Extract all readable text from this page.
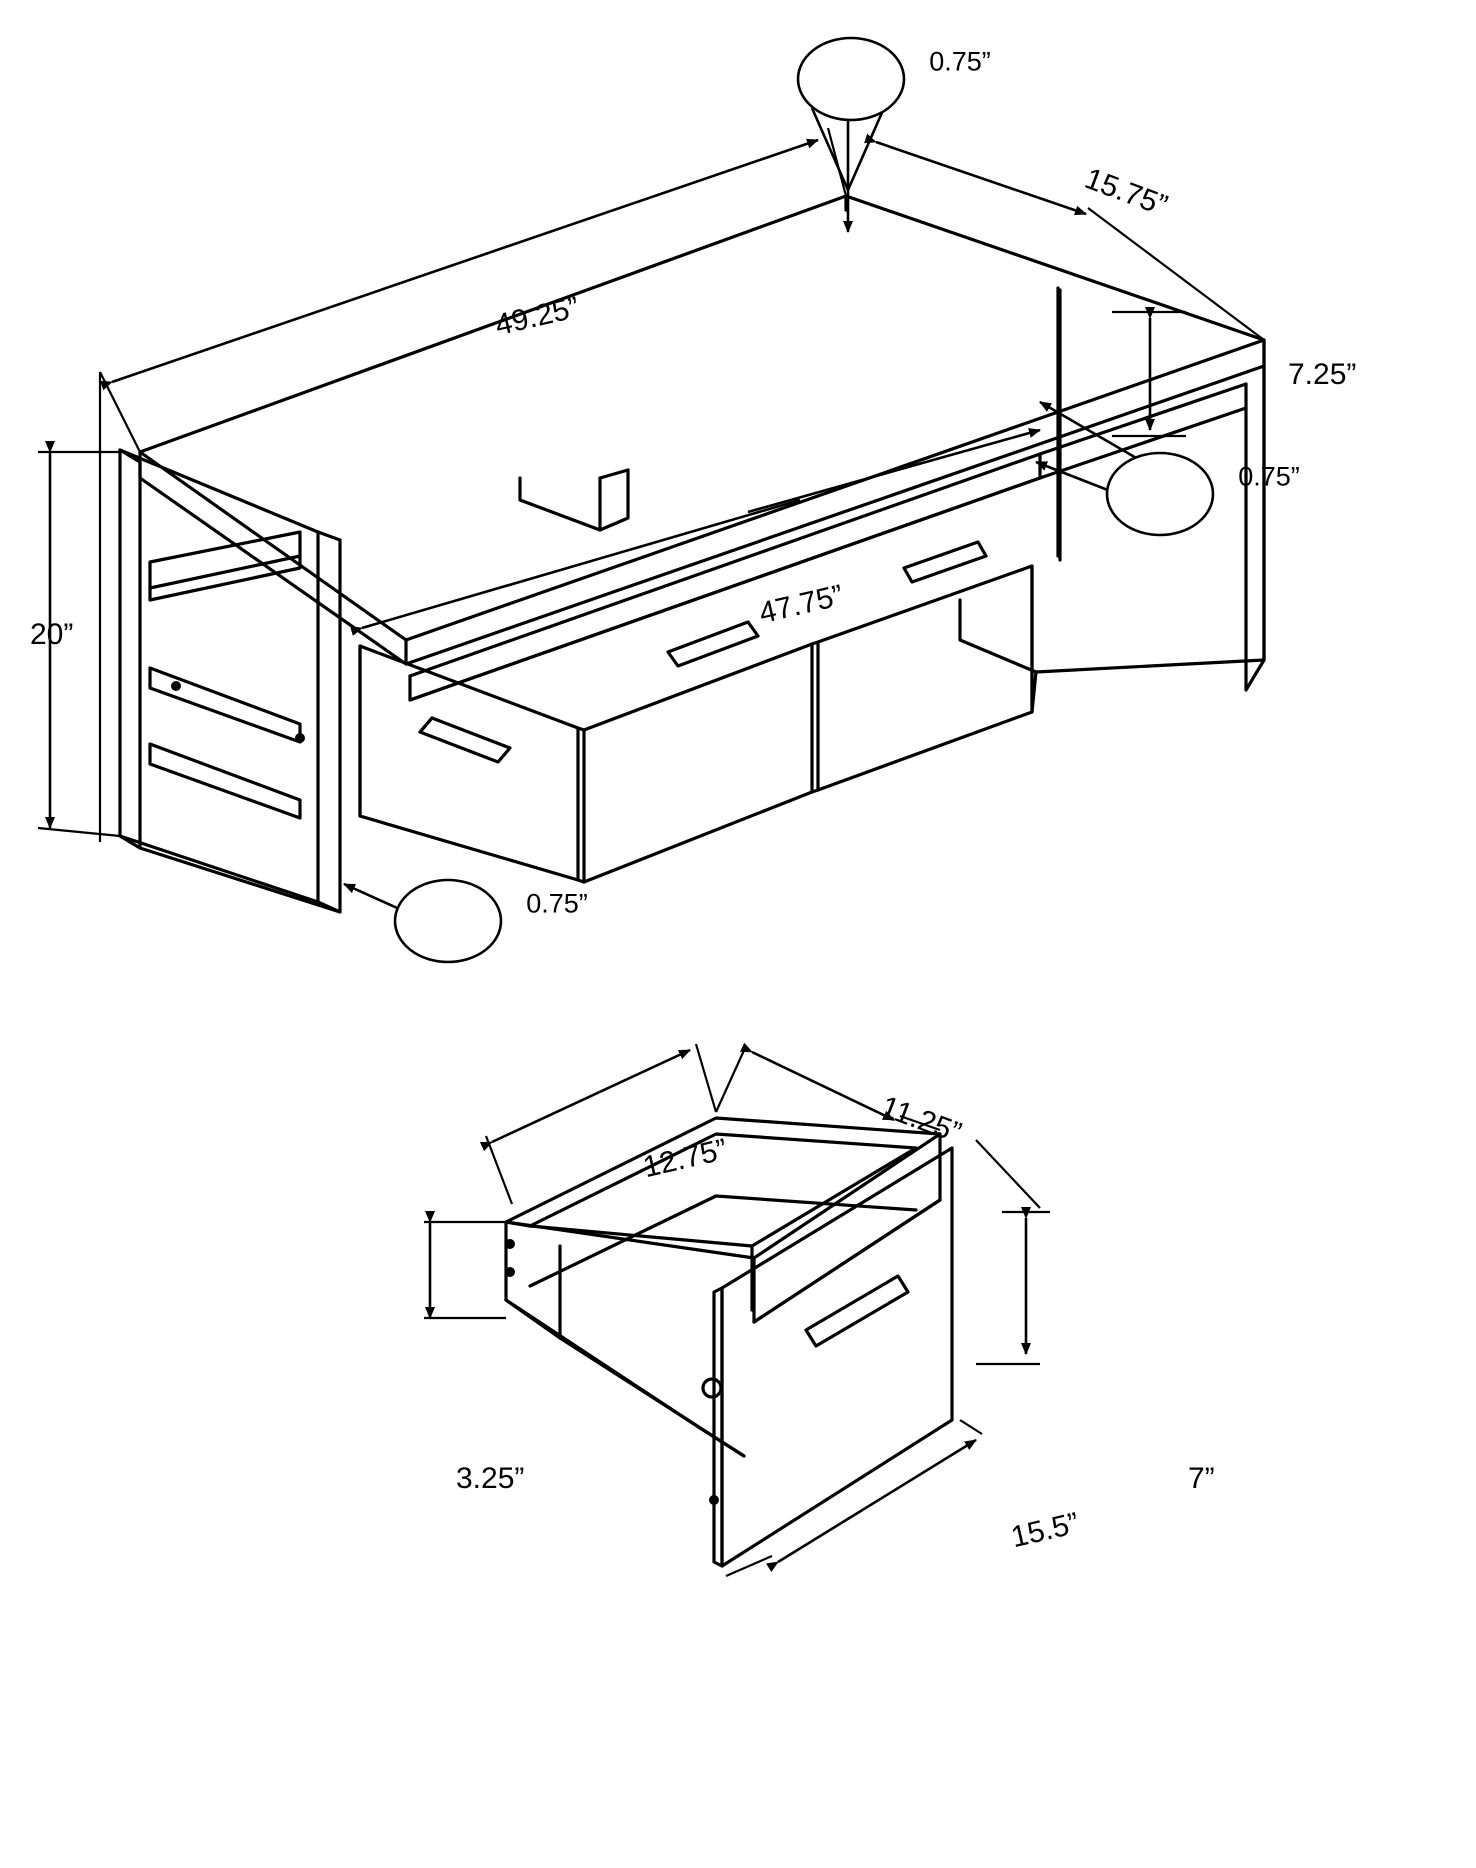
49.25”
15.75”
7.25”
20”
47.75”
0.75”
0.75”
0.75”
12.75”
11.25”
3.25”	7”
15.5”
